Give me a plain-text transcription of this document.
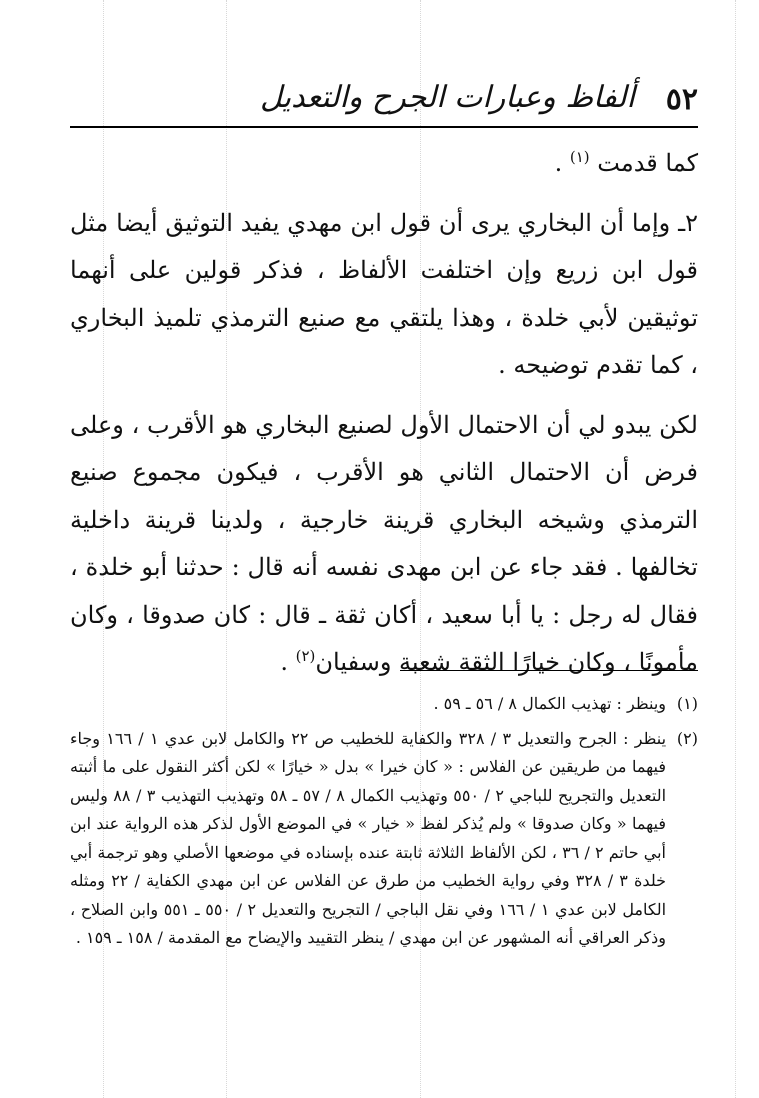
٥٢
ألفاظ وعبارات الجرح والتعديل

كما قدمت $^{(١)}$ .

٢ـ وإما أن البخاري يرى أن قول ابن مهدي يفيد التوثيق أيضا مثل قول ابن زريع وإن اختلفت الألفاظ ، فذكر قولين على أنهما توثيقين لأبي خلدة ، وهذا يلتقي مع صنيع الترمذي تلميذ البخاري ، كما تقدم توضيحه .

لكن يبدو لي أن الاحتمال الأول لصنيع البخاري هو الأقرب ، وعلى فرض أن الاحتمال الثاني هو الأقرب ، فيكون مجموع صنيع الترمذي وشيخه البخاري قرينة خارجية ، ولدينا قرينة داخلية تخالفها . فقد جاء عن ابن مهدى نفسه أنه قال : حدثنا أبو خلدة ، فقال له رجل : يا أبا سعيد ، أكان ثقة ـ قال : كان صدوقا ، وكان مأمونًا ، وكان خيارًا الثقة شعبة وسفيان$^{(٢)}$ .

(١)
وينظر : تهذيب الكمال ٨ / ٥٦ ـ ٥٩ .
(٢)
ينظر : الجرح والتعديل ٣ / ٣٢٨ والكفاية للخطيب ص ٢٢ والكامل لابن عدي ١ / ١٦٦ وجاء فيهما من طريقين عن الفلاس : « كان خيرا » بدل « خيارًا » لكن أكثر النقول على ما أثبته التعديل والتجريح للباجي ٢ / ٥٥٠ وتهذيب الكمال ٨ / ٥٧ ـ ٥٨ وتهذيب التهذيب ٣ / ٨٨ وليس فيهما « وكان صدوقا » ولم يُذكر لفظ « خيار » في الموضع الأول لذكر هذه الرواية عند ابن أبي حاتم ٢ / ٣٦ ، لكن الألفاظ الثلاثة ثابتة عنده بإسناده في موضعها الأصلي وهو ترجمة أبي خلدة ٣ / ٣٢٨ وفي رواية الخطيب من طرق عن الفلاس عن ابن مهدي الكفاية / ٢٢ ومثله الكامل لابن عدي ١ / ١٦٦ وفي نقل الباجي / التجريح والتعديل ٢ / ٥٥٠ ـ ٥٥١ وابن الصلاح ، وذكر العراقي أنه المشهور عن ابن مهدي / ينظر التقييد والإيضاح مع المقدمة / ١٥٨ ـ ١٥٩ .
